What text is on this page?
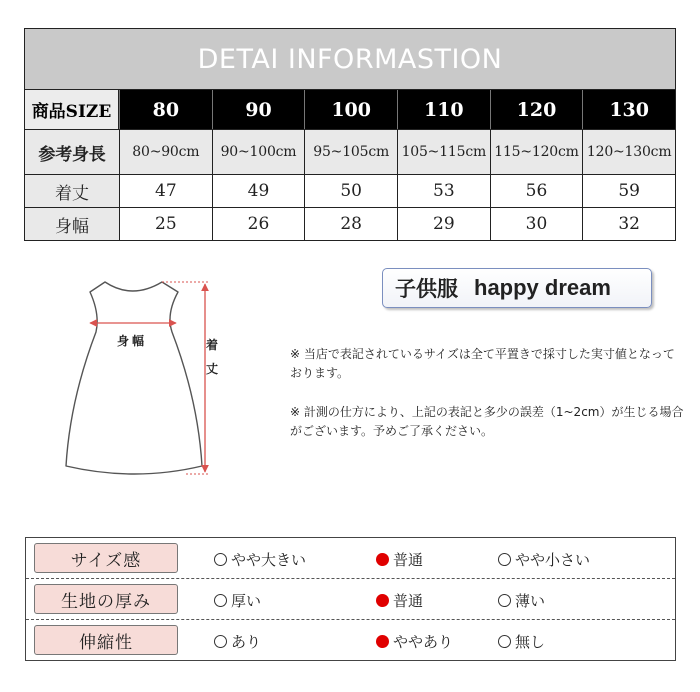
DETAI INFORMASTION
商品SIZE	80	90	100	110	120	130
参考身長	80~90cm	90~100cm	95~105cm 105~115cm 115~120cm 120~130cm
着丈	47	49	50	53	56	59
身幅	25	26	28	29	30	32
身幅	着
丈
子供服 happy dream
※ 当店で表記されているサイズは全て平置きで採寸した実寸値となっております。
※ 計測の仕方により、上記の表記と多少の誤差（1~2cm）が生じる場合がございます。予めご了承ください。
サイズ感	やや大きい	普通	やや小さい
生地の厚み	厚い	普通	薄い
伸縮性	あり	ややあり	無し
